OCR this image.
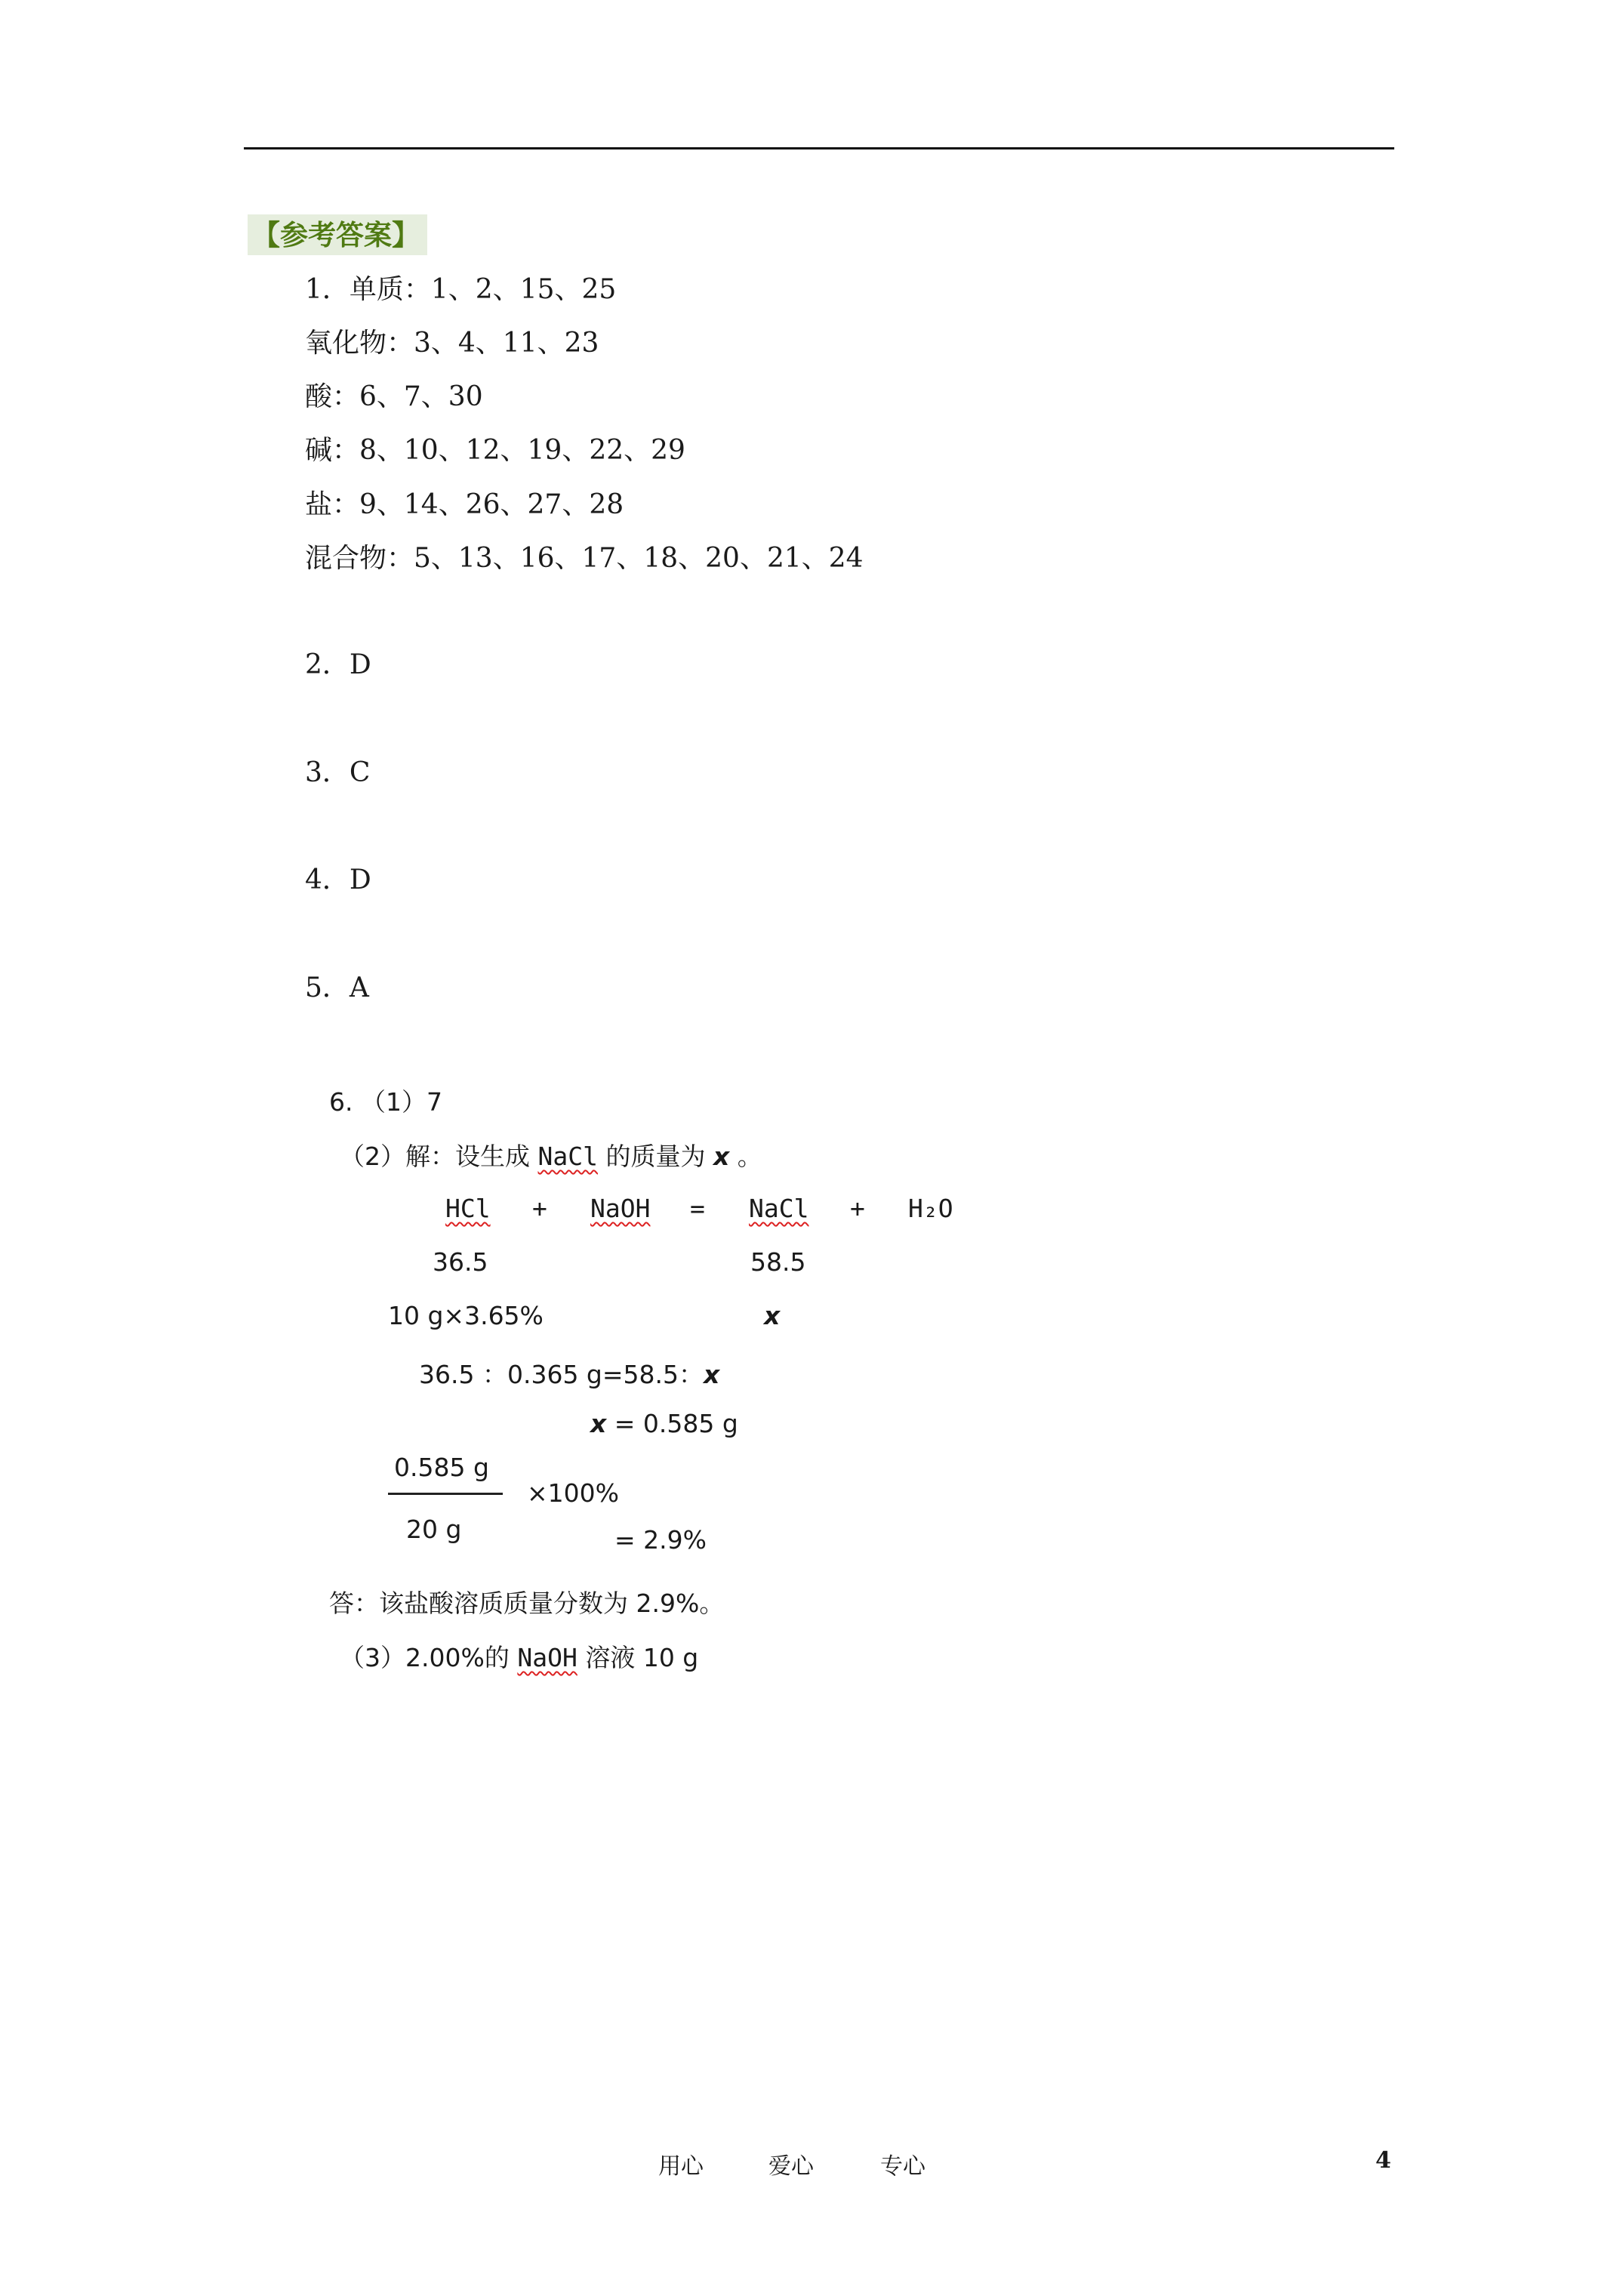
【参考答案】
1．单质：1、2、15、25
氧化物：3、4、11、23
酸：6、7、30
碱：8、10、12、19、22、29
盐：9、14、26、27、28
混合物：5、13、16、17、18、20、21、24
2．D
3．C
4．D
5．A
6. （1）7
（2）解：设生成 NaCl 的质量为 x 。
HCl + NaOH = NaCl + H₂O
36.5	58.5
10 g×3.65%	x
36.5 ：0.365 g=58.5：x
x = 0.585 g
0.585 g
×100%
20 g	= 2.9%
答：该盐酸溶质质量分数为 2.9%。
（3）2.00%的 NaOH 溶液 10 g
用心	爱心	专心	4
